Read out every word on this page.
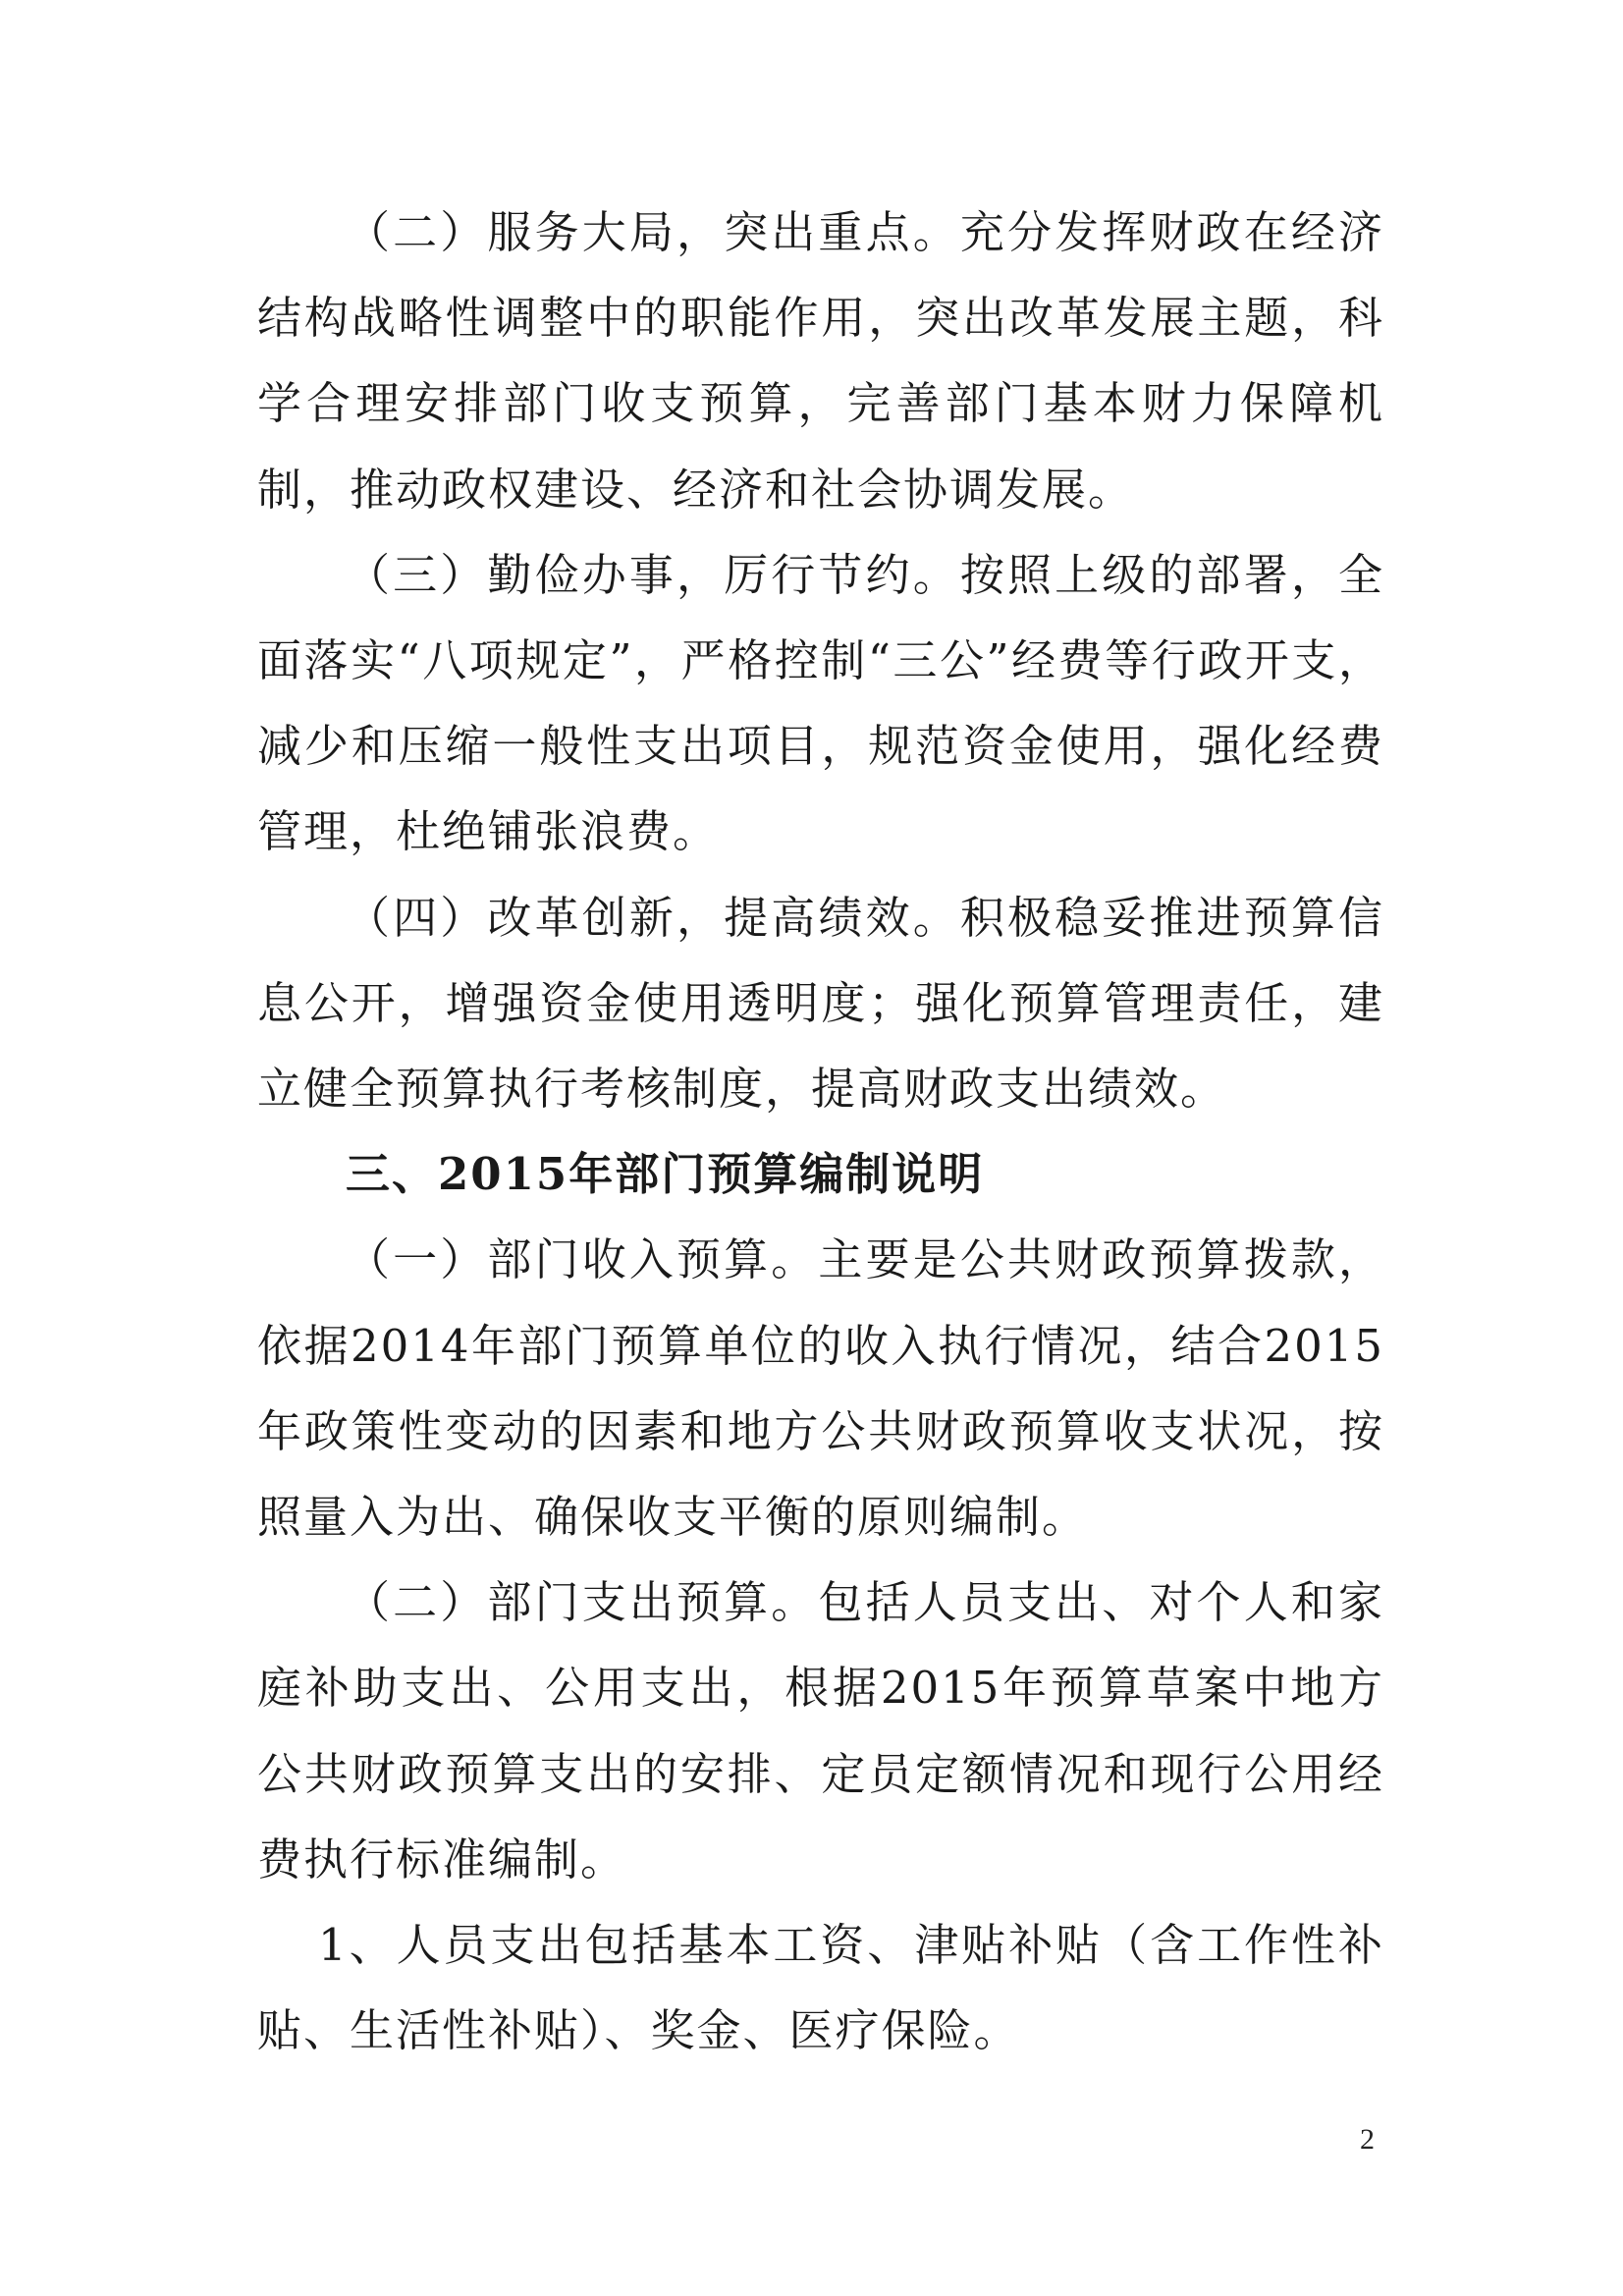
（二）服务大局，突出重点。充分发挥财政在经济结构战略性调整中的职能作用，突出改革发展主题，科学合理安排部门收支预算，完善部门基本财力保障机制，推动政权建设、经济和社会协调发展。

（三）勤俭办事，厉行节约。按照上级的部署，全面落实“八项规定”，严格控制“三公”经费等行政开支，减少和压缩一般性支出项目，规范资金使用，强化经费管理，杜绝铺张浪费。

（四）改革创新，提高绩效。积极稳妥推进预算信息公开，增强资金使用透明度；强化预算管理责任，建立健全预算执行考核制度，提高财政支出绩效。

三、2015年部门预算编制说明

（一）部门收入预算。主要是公共财政预算拨款，依据2014年部门预算单位的收入执行情况，结合2015年政策性变动的因素和地方公共财政预算收支状况，按照量入为出、确保收支平衡的原则编制。

（二）部门支出预算。包括人员支出、对个人和家庭补助支出、公用支出，根据2015年预算草案中地方公共财政预算支出的安排、定员定额情况和现行公用经费执行标准编制。

1、人员支出包括基本工资、津贴补贴（含工作性补贴、生活性补贴）、奖金、医疗保险。

2
